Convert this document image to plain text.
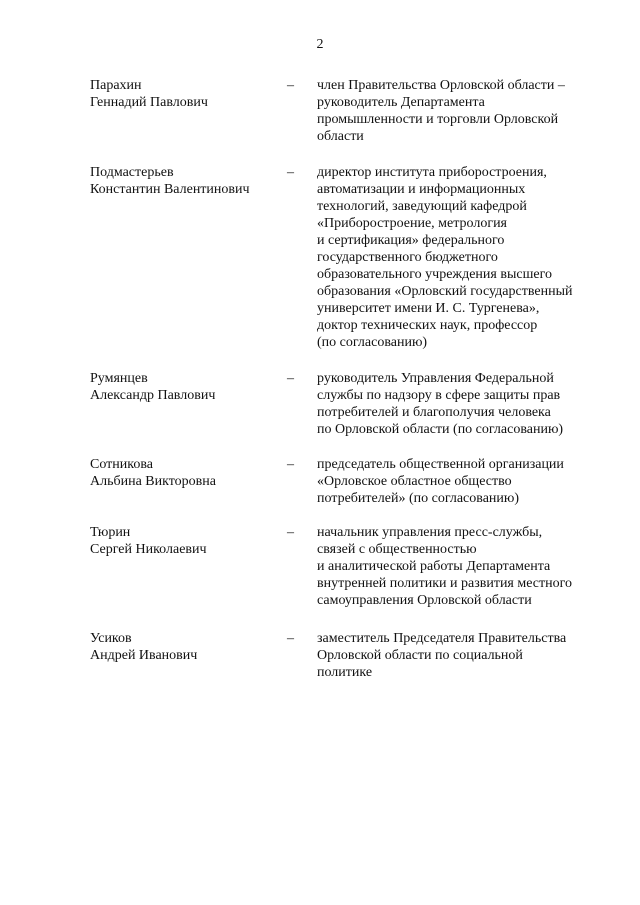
2
Парахин
Геннадий Павлович
– член Правительства Орловской области –
руководитель Департамента
промышленности и торговли Орловской
области
Подмастерьев
Константин Валентинович
– директор института приборостроения,
автоматизации и информационных
технологий, заведующий кафедрой
«Приборостроение, метрология
и сертификация» федерального
государственного бюджетного
образовательного учреждения высшего
образования «Орловский государственный
университет имени И. С. Тургенева»,
доктор технических наук, профессор
(по согласованию)
Румянцев
Александр Павлович
– руководитель Управления Федеральной
службы по надзору в сфере защиты прав
потребителей и благополучия человека
по Орловской области (по согласованию)
Сотникова
Альбина Викторовна
– председатель общественной организации
«Орловское областное общество
потребителей» (по согласованию)
Тюрин
Сергей Николаевич
– начальник управления пресс-службы,
связей с общественностью
и аналитической работы Департамента
внутренней политики и развития местного
самоуправления Орловской области
Усиков
Андрей Иванович
– заместитель Председателя Правительства
Орловской области по социальной
политике
